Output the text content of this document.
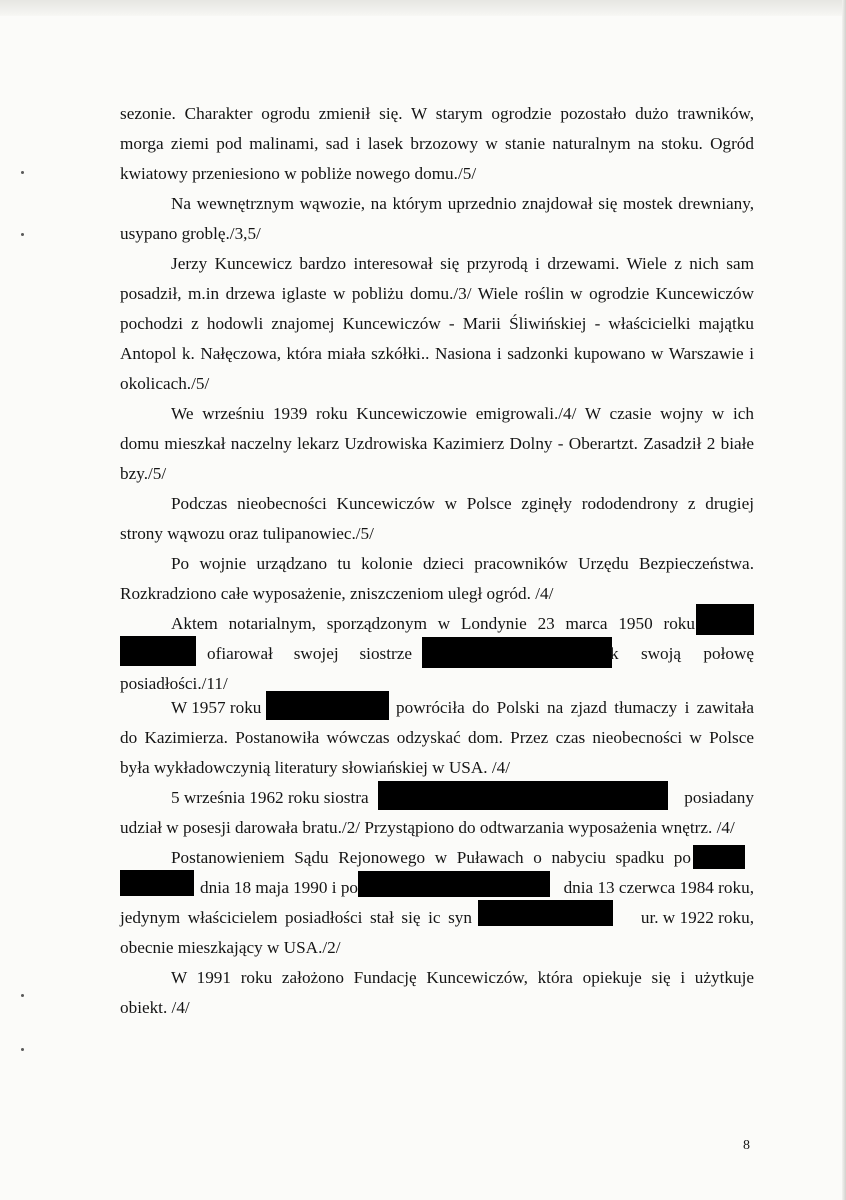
sezonie. Charakter ogrodu zmienił się. W starym ogrodzie pozostało dużo trawników,
morga ziemi pod malinami, sad i lasek brzozowy w stanie naturalnym na stoku. Ogród
kwiatowy przeniesiono w pobliże nowego domu./5/
Na wewnętrznym wąwozie, na którym uprzednio znajdował się mostek drewniany,
usypano groblę./3,5/
Jerzy Kuncewicz bardzo interesował się przyrodą i drzewami. Wiele z nich sam
posadził, m.in drzewa iglaste w pobliżu domu./3/ Wiele roślin w ogrodzie Kuncewiczów
pochodzi z hodowli znajomej Kuncewiczów - Marii Śliwińskiej - właścicielki majątku
Antopol k. Nałęczowa, która miała szkółki.. Nasiona i sadzonki kupowano w Warszawie i
okolicach./5/
We wrześniu 1939 roku Kuncewiczowie emigrowali./4/ W czasie wojny w ich
domu mieszkał naczelny lekarz Uzdrowiska Kazimierz Dolny - Oberartzt. Zasadził 2 białe
bzy./5/
Podczas nieobecności Kuncewiczów w Polsce zginęły rododendrony z drugiej
strony wąwozu oraz tulipanowiec./5/
Po wojnie urządzano tu kolonie dzieci pracowników Urzędu Bezpieczeństwa.
Rozkradziono całe wyposażenie, zniszczeniom uległ ogród. /4/
Aktem notarialnym, sporządzonym w Londynie 23 marca 1950 roku
ofiarował swojej siostrze	k swoją połowę
posiadłości./11/
W 1957 roku	powróciła do Polski na zjazd tłumaczy i zawitała
do Kazimierza. Postanowiła wówczas odzyskać dom. Przez czas nieobecności w Polsce
była wykładowczynią literatury słowiańskiej w USA. /4/
5 września 1962 roku siostra	posiadany
udział w posesji darowała bratu./2/ Przystąpiono do odtwarzania wyposażenia wnętrz. /4/
Postanowieniem Sądu Rejonowego w Puławach o nabyciu spadku po
dnia 18 maja 1990 i po	dnia 13 czerwca 1984 roku,
jedynym właścicielem posiadłości stał się ic syn	ur. w 1922 roku,
obecnie mieszkający w USA./2/
W 1991 roku założono Fundację Kuncewiczów, która opiekuje się i użytkuje
obiekt. /4/
8
